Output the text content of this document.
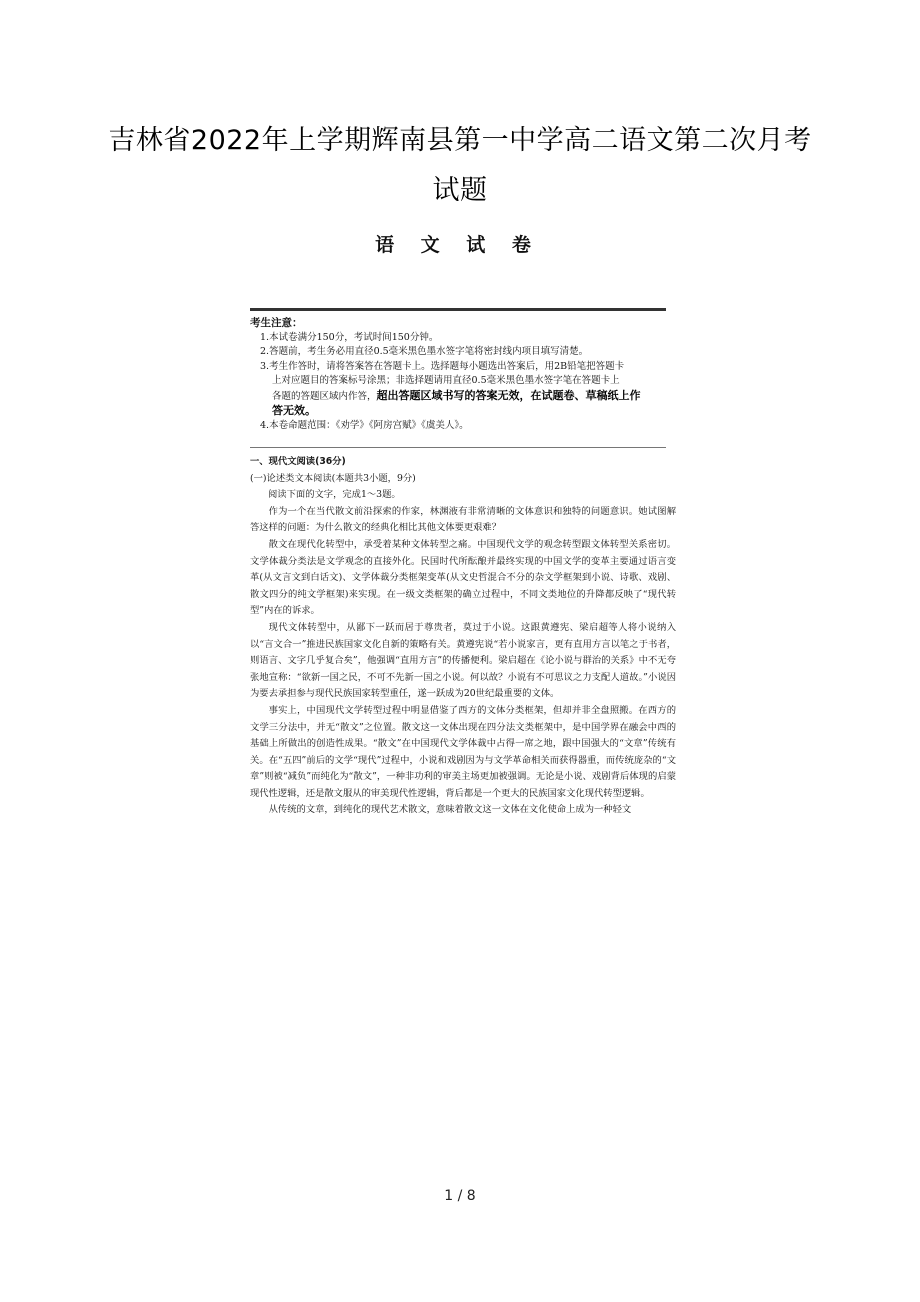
吉林省2022年上学期辉南县第一中学高二语文第二次月考
试题
语 文 试 卷
考生注意：
1.本试卷满分150分，考试时间150分钟。
2.答题前，考生务必用直径0.5毫米黑色墨水签字笔将密封线内项目填写清楚。
3.考生作答时，请将答案答在答题卡上。选择题每小题选出答案后，用2B铅笔把答题卡
上对应题目的答案标号涂黑；非选择题请用直径0.5毫米黑色墨水签字笔在答题卡上
各题的答题区域内作答，超出答题区域书写的答案无效，在试题卷、草稿纸上作
答无效。
4.本卷命题范围：《劝学》《阿房宫赋》《虞美人》。

一、现代文阅读(36分)

(一)论述类文本阅读(本题共3小题，9分)

阅读下面的文字，完成1～3题。

作为一个在当代散文前沿探索的作家，林渊液有非常清晰的文体意识和独特的问题意识。她试图解答这样的问题：为什么散文的经典化相比其他文体要更艰难？

散文在现代化转型中，承受着某种文体转型之痛。中国现代文学的观念转型跟文体转型关系密切。文学体裁分类法是文学观念的直接外化。民国时代所酝酿并最终实现的中国文学的变革主要通过语言变革(从文言文到白话文)、文学体裁分类框架变革(从文史哲混合不分的杂文学框架到小说、诗歌、戏剧、散文四分的纯文学框架)来实现。在一级文类框架的确立过程中，不同文类地位的升降都反映了“现代转型”内在的诉求。

现代文体转型中，从鄙下一跃而居于尊贵者，莫过于小说。这跟黄遵宪、梁启超等人将小说纳入以“言文合一”推进民族国家文化自新的策略有关。黄遵宪说“若小说家言，更有直用方言以笔之于书者，则语言、文字几乎复合矣”，他强调“直用方言”的传播便利。梁启超在《论小说与群治的关系》中不无夸张地宣称：“欲新一国之民，不可不先新一国之小说。何以故？小说有不可思议之力支配人道故。”小说因为要去承担参与现代民族国家转型重任，遂一跃成为20世纪最重要的文体。

事实上，中国现代文学转型过程中明显借鉴了西方的文体分类框架，但却并非全盘照搬。在西方的文学三分法中，并无“散文”之位置。散文这一文体出现在四分法文类框架中，是中国学界在融会中西的基础上所做出的创造性成果。“散文”在中国现代文学体裁中占得一席之地，跟中国强大的“文章”传统有关。在“五四”前后的文学“现代”过程中，小说和戏剧因为与文学革命相关而获得器重，而传统庞杂的“文章”则被“减负”而纯化为“散文”，一种非功利的审美主场更加被强调。无论是小说、戏剧背后体现的启蒙现代性逻辑，还是散文服从的审美现代性逻辑，背后都是一个更大的民族国家文化现代转型逻辑。

从传统的文章，到纯化的现代艺术散文，意味着散文这一文体在文化使命上成为一种轻文

1 / 8
